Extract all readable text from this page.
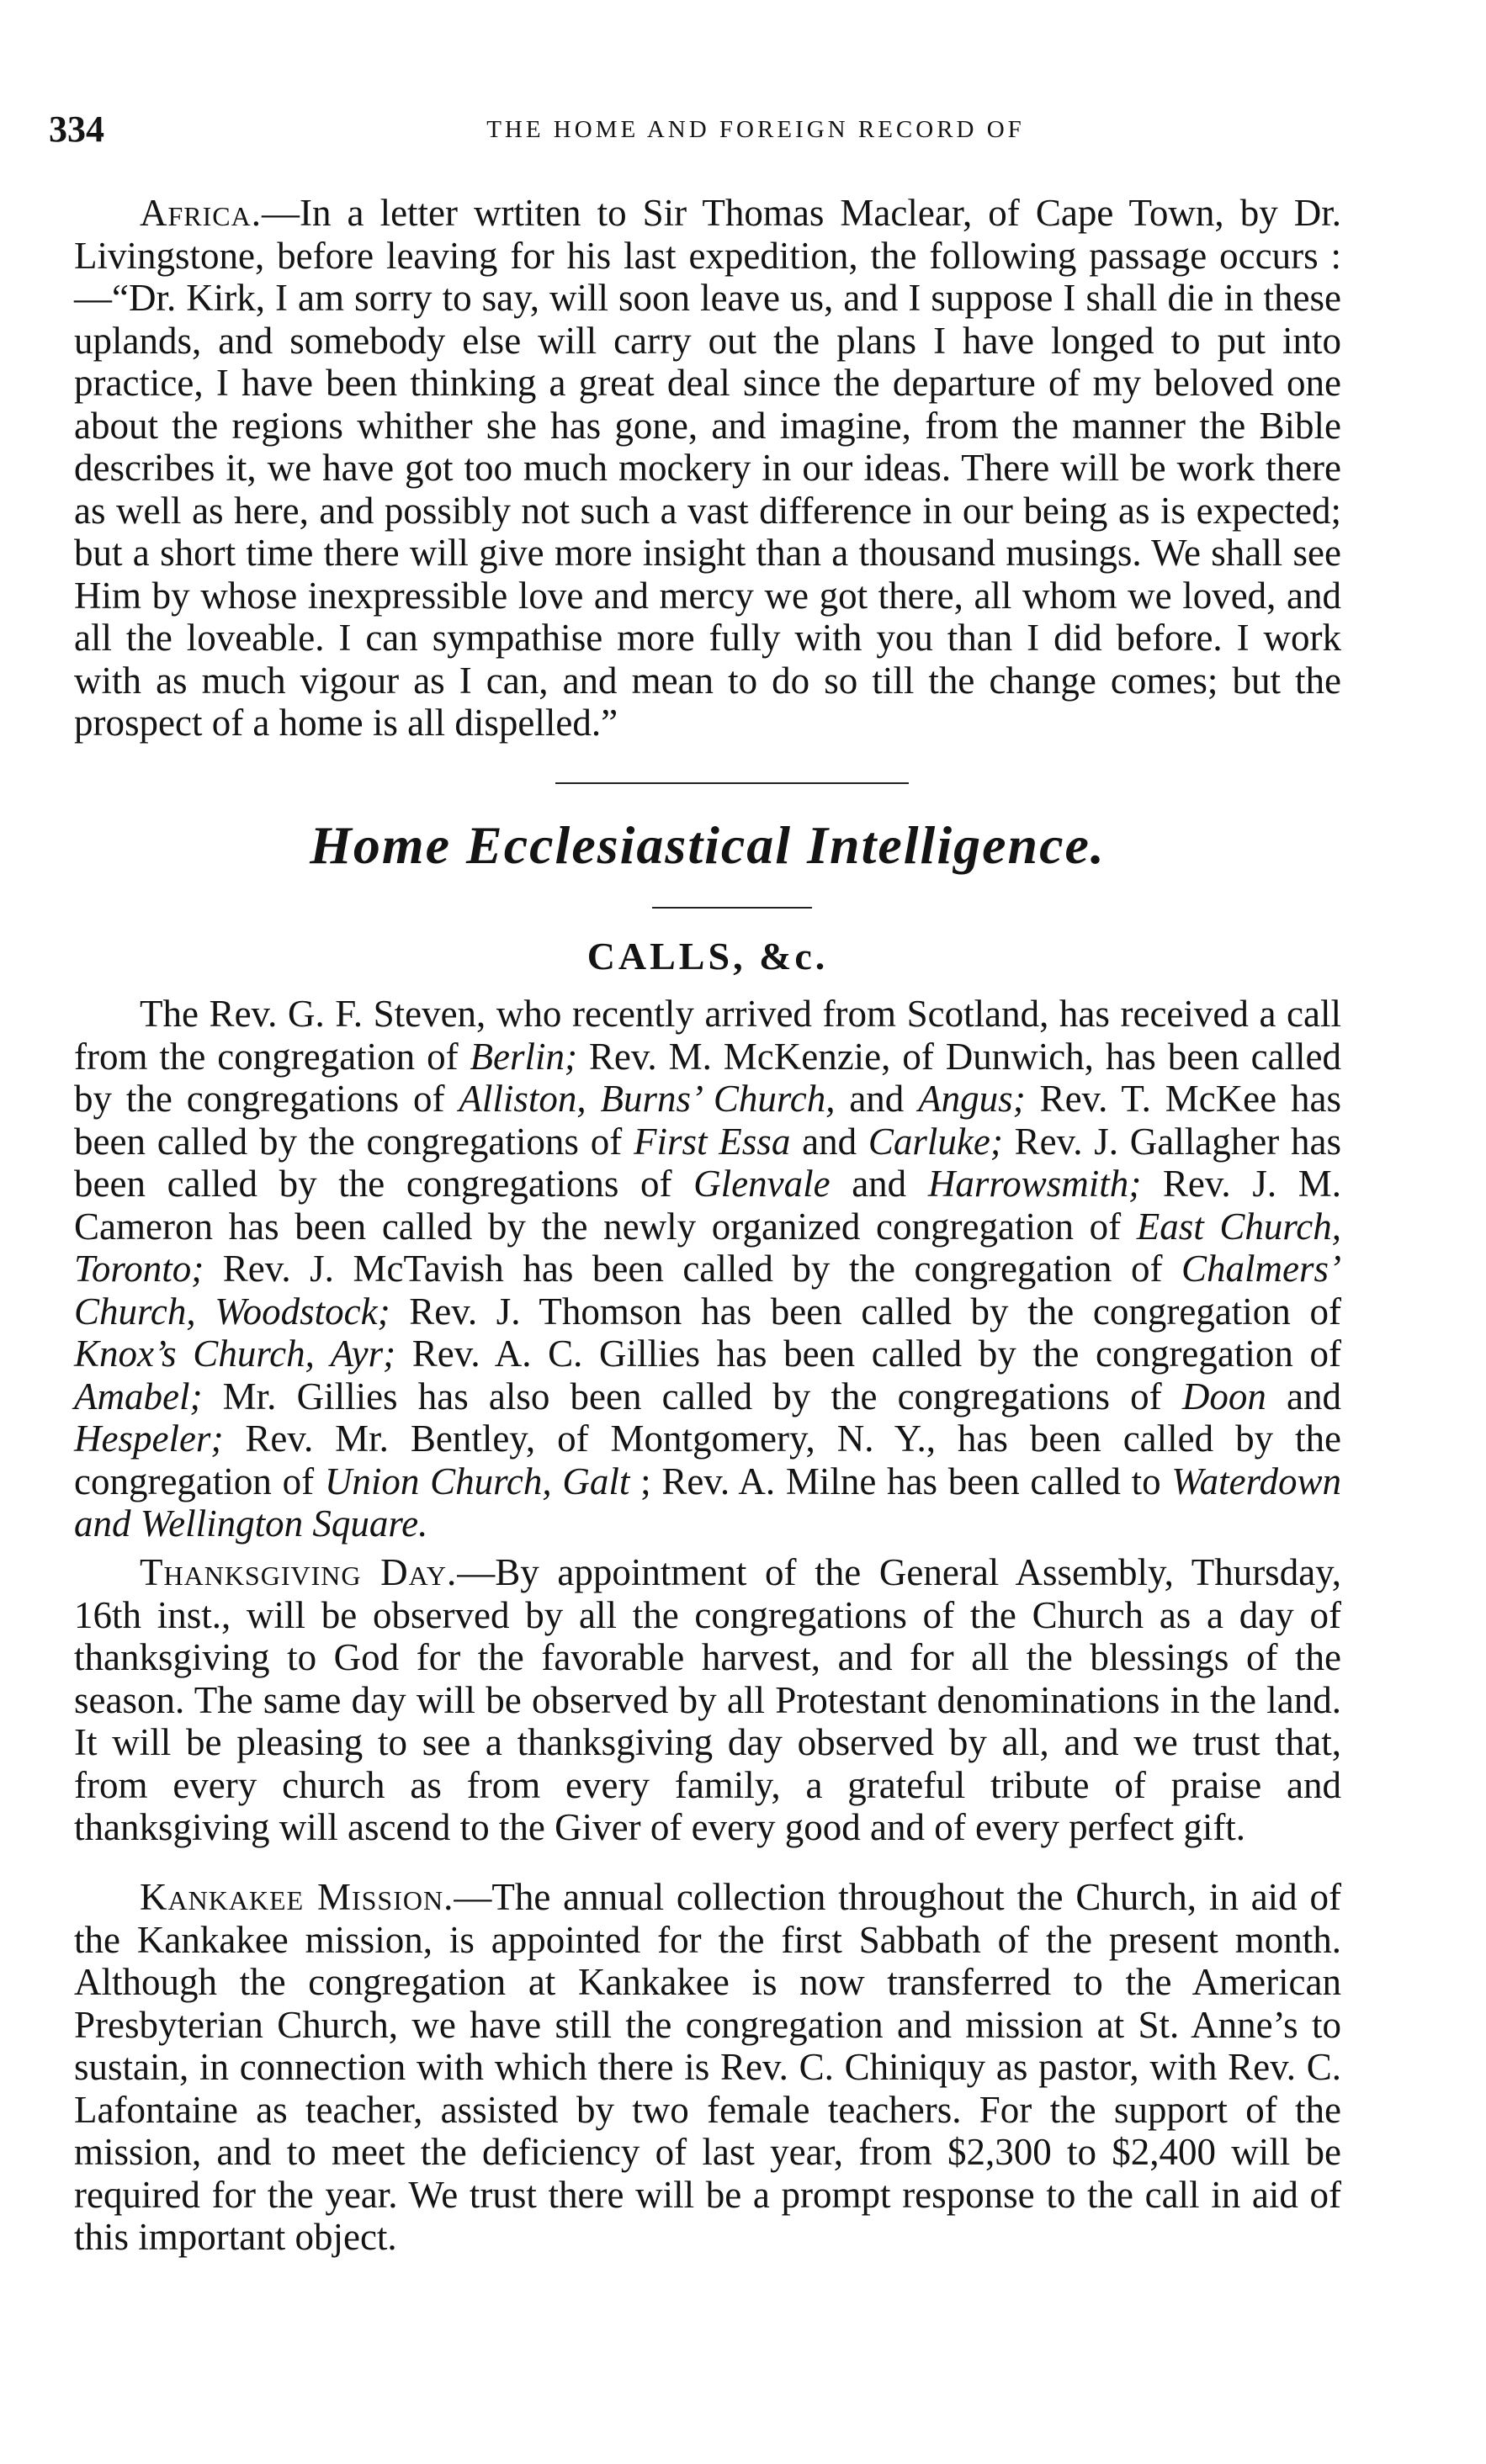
334	THE HOME AND FOREIGN RECORD OF

Africa.—In a letter wrtiten to Sir Thomas Maclear, of Cape Town, by Dr. Livingstone, before leaving for his last expedition, the following passage occurs :—“Dr. Kirk, I am sorry to say, will soon leave us, and I suppose I shall die in these uplands, and somebody else will carry out the plans I have longed to put into practice, I have been thinking a great deal since the departure of my beloved one about the regions whither she has gone, and imagine, from the manner the Bible describes it, we have got too much mockery in our ideas. There will be work there as well as here, and possibly not such a vast difference in our being as is expected; but a short time there will give more insight than a thousand musings. We shall see Him by whose inexpressible love and mercy we got there, all whom we loved, and all the loveable. I can sympathise more fully with you than I did before. I work with as much vigour as I can, and mean to do so till the change comes; but the prospect of a home is all dispelled.”

Home Ecclesiastical Intelligence.
CALLS, &c.

The Rev. G. F. Steven, who recently arrived from Scotland, has received a call from the congregation of Berlin; Rev. M. McKenzie, of Dunwich, has been called by the congregations of Alliston, Burns’ Church, and Angus; Rev. T. McKee has been called by the congregations of First Essa and Carluke; Rev. J. Gallagher has been called by the congregations of Glenvale and Harrowsmith; Rev. J. M. Cameron has been called by the newly organized congregation of East Church, Toronto; Rev. J. McTavish has been called by the congregation of Chalmers’ Church, Woodstock; Rev. J. Thomson has been called by the congregation of Knox’s Church, Ayr; Rev. A. C. Gillies has been called by the congregation of Amabel; Mr. Gillies has also been called by the congregations of Doon and Hespeler; Rev. Mr. Bentley, of Montgomery, N. Y., has been called by the congregation of Union Church, Galt ; Rev. A. Milne has been called to Waterdown and Wellington Square.

Thanksgiving Day.—By appointment of the General Assembly, Thursday, 16th inst., will be observed by all the congregations of the Church as a day of thanksgiving to God for the favorable harvest, and for all the blessings of the season. The same day will be observed by all Protestant denominations in the land. It will be pleasing to see a thanksgiving day observed by all, and we trust that, from every church as from every family, a grateful tribute of praise and thanksgiving will ascend to the Giver of every good and of every perfect gift.

Kankakee Mission.—The annual collection throughout the Church, in aid of the Kankakee mission, is appointed for the first Sabbath of the present month. Although the congregation at Kankakee is now transferred to the American Presbyterian Church, we have still the congregation and mission at St. Anne’s to sustain, in connection with which there is Rev. C. Chiniquy as pastor, with Rev. C. Lafontaine as teacher, assisted by two female teachers. For the support of the mission, and to meet the deficiency of last year, from $2,300 to $2,400 will be required for the year. We trust there will be a prompt response to the call in aid of this important object.
